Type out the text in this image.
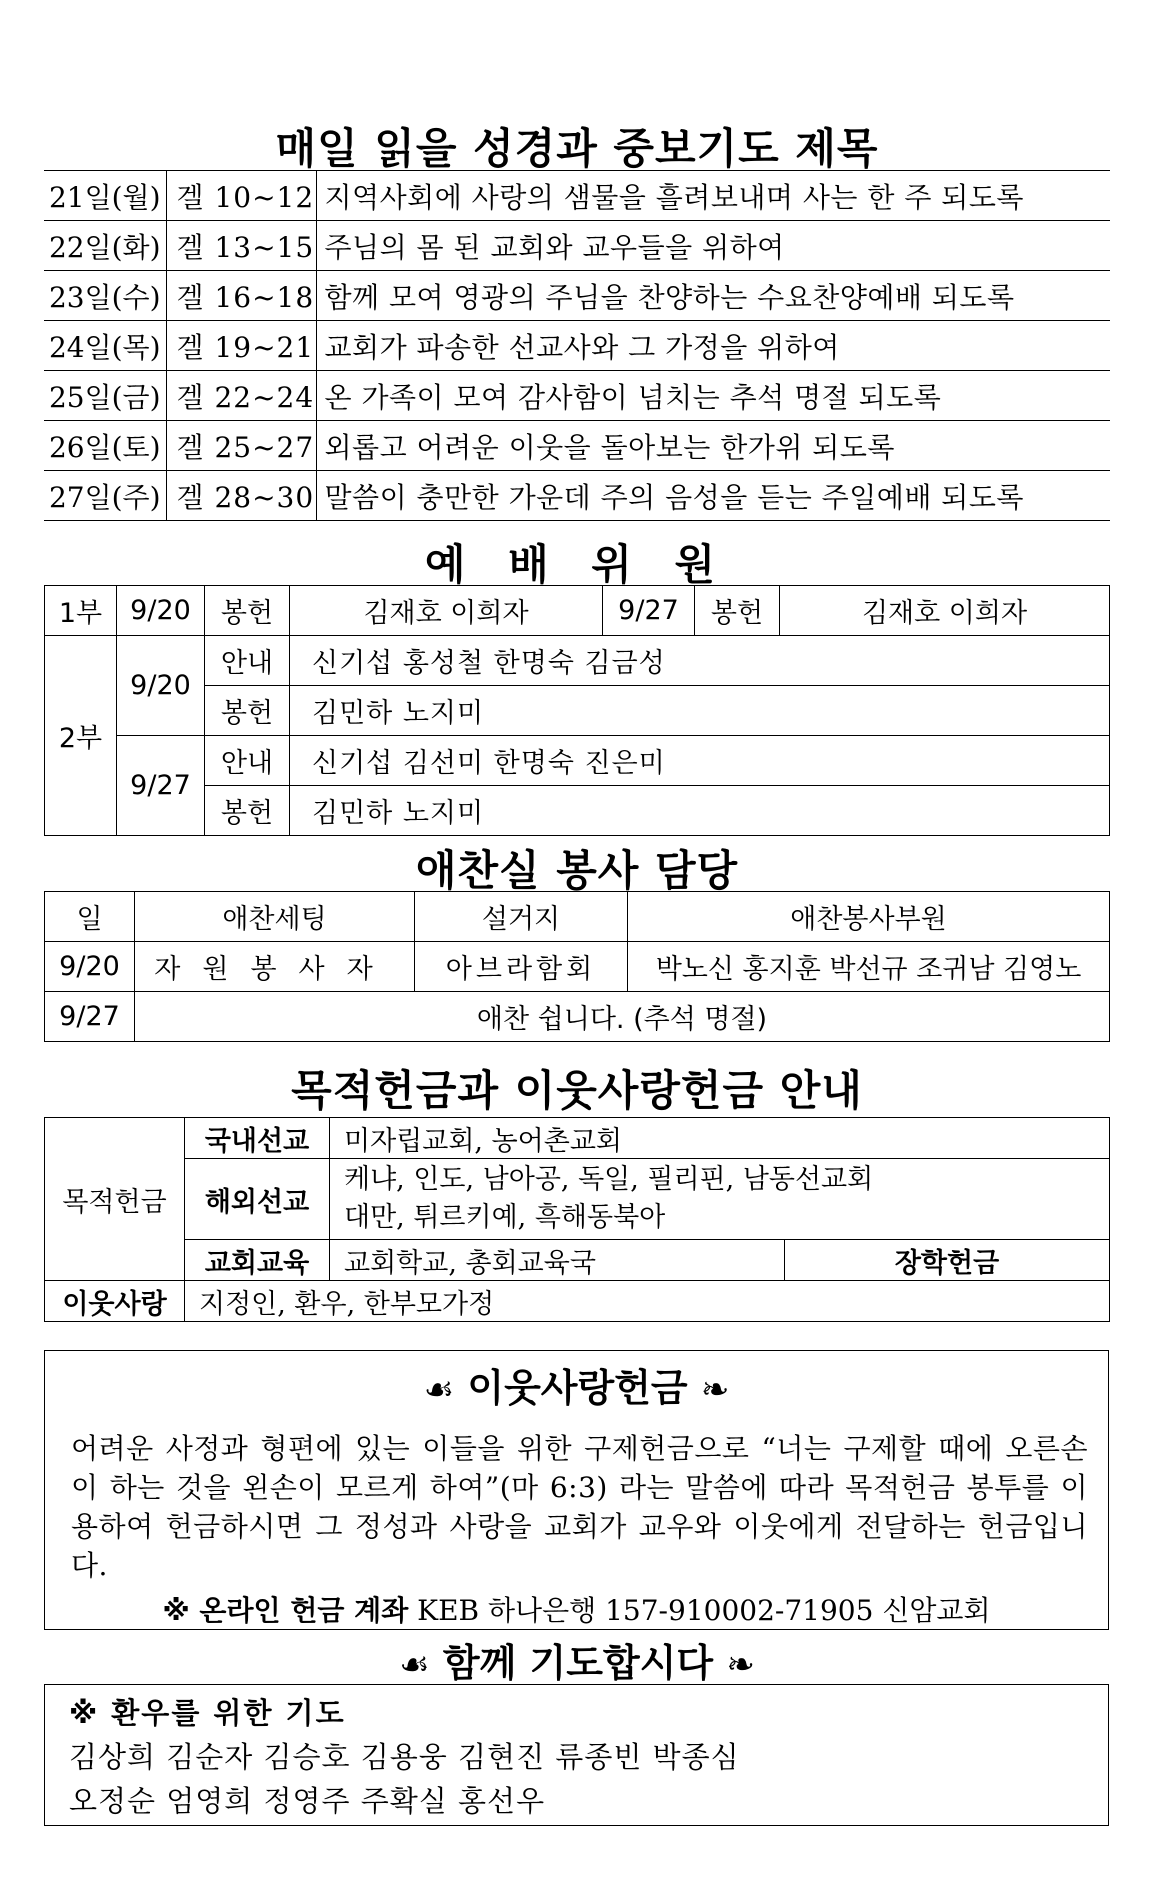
매일 읽을 성경과 중보기도 제목
21일(월)	겔 10~12	지역사회에 사랑의 샘물을 흘려보내며 사는 한 주 되도록
22일(화)	겔 13~15	주님의 몸 된 교회와 교우들을 위하여
23일(수)	겔 16~18	함께 모여 영광의 주님을 찬양하는 수요찬양예배 되도록
24일(목)	겔 19~21	교회가 파송한 선교사와 그 가정을 위하여
25일(금)	겔 22~24	온 가족이 모여 감사함이 넘치는 추석 명절 되도록
26일(토)	겔 25~27	외롭고 어려운 이웃을 돌아보는 한가위 되도록
27일(주)	겔 28~30	말씀이 충만한 가운데 주의 음성을 듣는 주일예배 되도록
예 배 위 원
1부	9/20	봉헌	김재호 이희자	9/27	봉헌	김재호 이희자
2부	9/20	안내	신기섭 홍성철 한명숙 김금성			
		봉헌	김민하 노지미			
	9/27	안내	신기섭 김선미 한명숙 진은미			
		봉헌	김민하 노지미			
애찬실 봉사 담당
일	애찬세팅	설거지	애찬봉사부원
9/20	자원봉사자	아브라함회	박노신 홍지훈 박선규 조귀남 김영노
9/27	애찬 쉽니다. (추석 명절)		
목적헌금과 이웃사랑헌금 안내
목적헌금	국내선교	미자립교회, 농어촌교회	
	해외선교	케냐, 인도, 남아공, 독일, 필리핀, 남동선교회
대만, 튀르키예, 흑해동북아	

	교회교육	교회학교, 총회교육국	장학헌금
이웃사랑	지정인, 환우, 한부모가정		
☙ 이웃사랑헌금 ❧

어려운 사정과 형편에 있는 이들을 위한 구제헌금으로 “너는 구제할 때에 오른손이 하는 것을 왼손이 모르게 하여”(마 6:3) 라는 말씀에 따라 목적헌금 봉투를 이용하여 헌금하시면 그 정성과 사랑을 교회가 교우와 이웃에게 전달하는 헌금입니다.

※ 온라인 헌금 계좌 KEB 하나은행 157-910002-71905 신암교회
☙ 함께 기도합시다 ❧
※ 환우를 위한 기도
김상희 김순자 김승호 김용웅 김현진 류종빈 박종심
오정순 엄영희 정영주 주확실 홍선우
